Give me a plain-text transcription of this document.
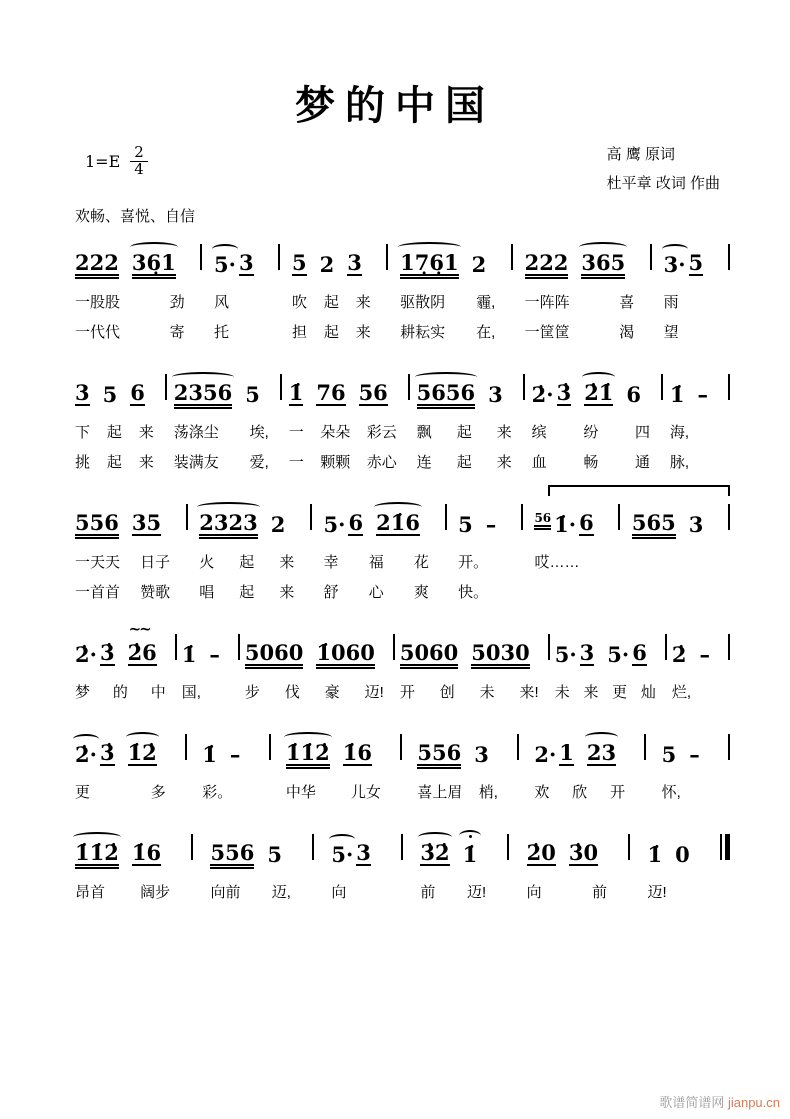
梦的中国
$1=E \frac{2}{4}$	高 鹰 原词
杜平章 改词 作曲
欢畅、喜悦、自信
222 36̣1
一股股	劲
一代代	寄
5· 3
风
托
5 2 3
吹 起 来
担 起 来
17̣6̣1 2
驱散阴 霾,
耕耘实 在,
222 365
一阵阵	喜
一筐筐	渴
3· 5
雨
望
3 5 6
下 起 来
挑 起 来
2356 5
荡涤尘 埃,
装满友 爱,
1̇ 76 56
一 朵朵 彩云
一 颗颗 赤心
5656 3
飘 起 来
连 起 来
2̇· 3̇ 2̇1̇ 6
缤 纷 四
血 畅 通
1̇ –
海,
脉,
556 35
一天天 日子
一首首 赞歌
2323 2
火 起 来
唱 起 来
5· 6 21̇6
幸 福 花
舒 心 爽
5 –
开。
快。
56 1̇· 6
哎……
565 3
2̇· 3̇ ~~ 2̇6
梦 的 中
1̇ –
国,
5060 1̇060
步 伐 豪 迈!
5060 5030
开 创 未 来!
5· 3 5· 6
未 来 更 灿
2̇ –
烂,
2̇· 3̇ 1̇2̇
更	多
1̇ –
彩。
1̇1̇2̇ 1̇6
中华 儿女
556 3
喜上眉 梢,
2· 1 23
欢 欣 开
5 –
怀,
1̇1̇2̇ 1̇6
昂首 阔步
556 5
向前 迈,
5· 3
向
3̇2̇ 1̇
前 迈!
2̇0 3̇0
向	前
1̇ 0
迈!
歌谱简谱网 jianpu.cn
